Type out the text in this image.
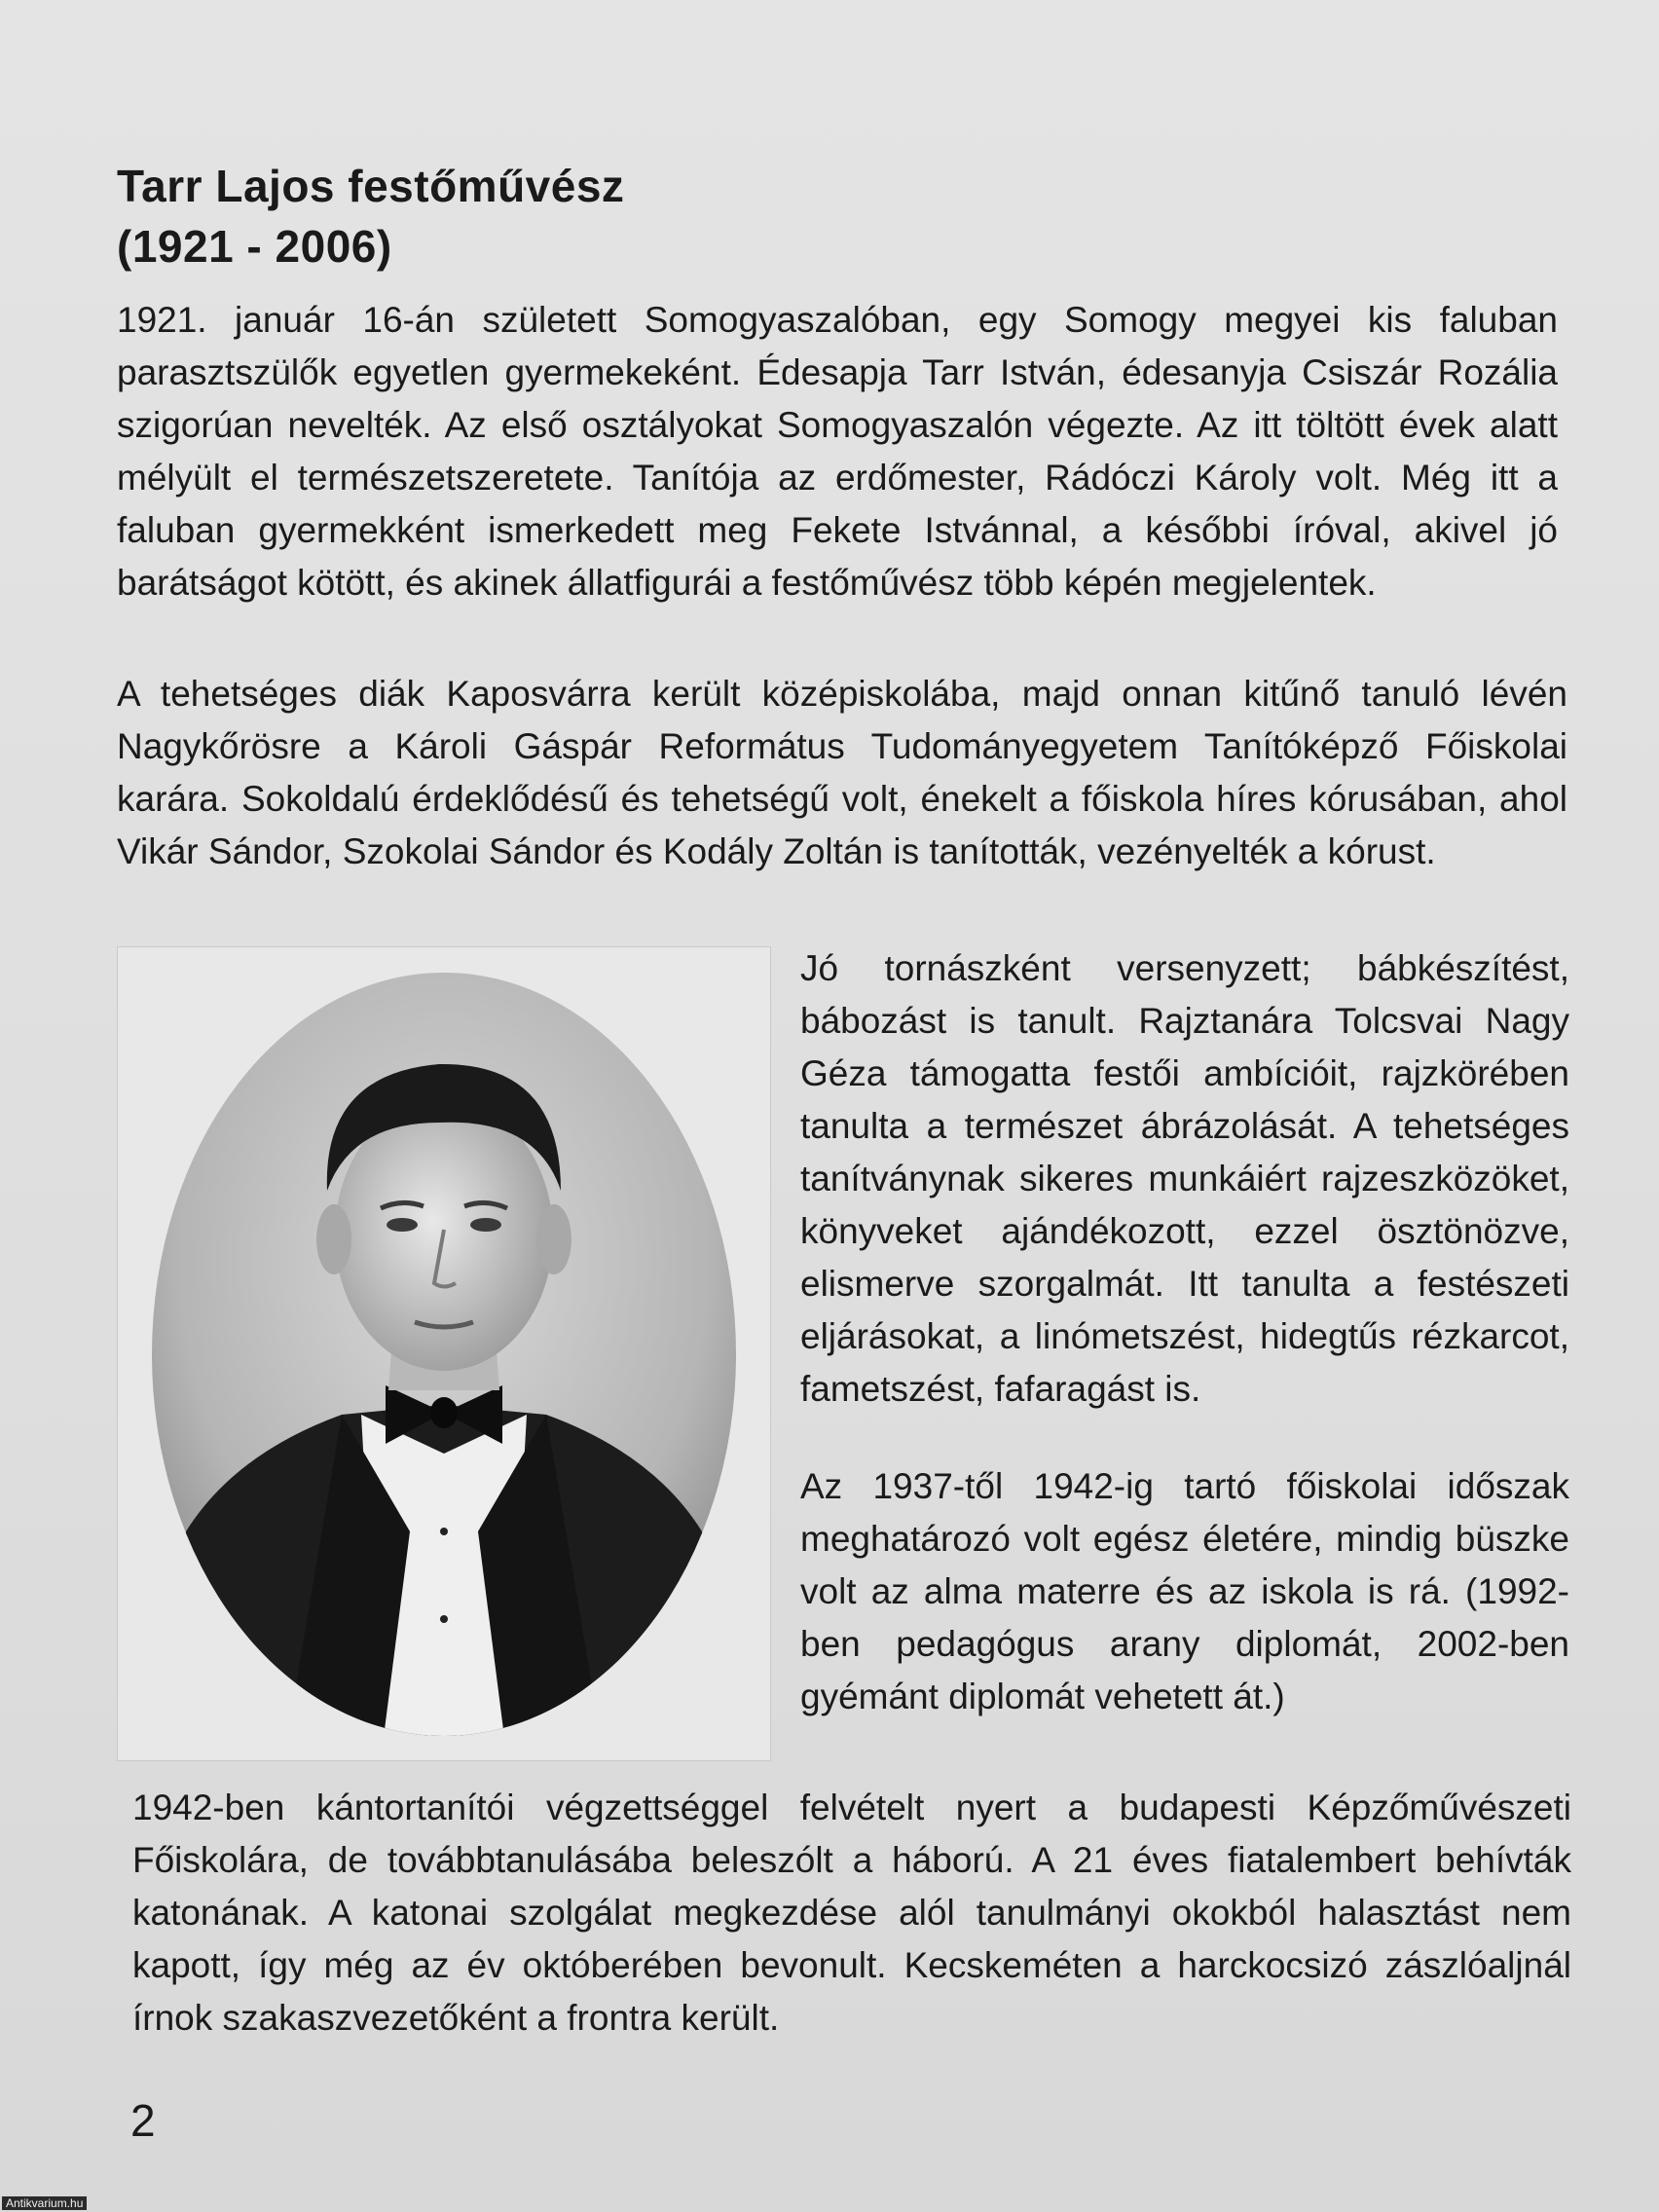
Tarr Lajos festőművész
(1921 - 2006)

1921. január 16-án született Somogyaszalóban, egy Somogy megyei kis faluban parasztszülők egyetlen gyermekeként. Édesapja Tarr István, édesanyja Csiszár Rozália szigorúan nevelték. Az első osztályokat Somogyaszalón végezte. Az itt töltött évek alatt mélyült el természetszeretete. Tanítója az erdőmester, Rádóczi Károly volt. Még itt a faluban gyermekként ismerkedett meg Fekete Istvánnal, a későbbi íróval, akivel jó barátságot kötött, és akinek állatfigurái a festőművész több képén megjelentek.

A tehetséges diák Kaposvárra került középiskolába, majd onnan kitűnő tanuló lévén Nagykőrösre a Károli Gáspár Református Tudományegyetem Tanítóképző Főiskolai karára. Sokoldalú érdeklődésű és tehetségű volt, énekelt a főiskola híres kórusában, ahol Vikár Sándor, Szokolai Sándor és Kodály Zoltán is tanították, vezényelték a kórust.

Jó tornászként versenyzett; bábkészítést, bábozást is tanult. Rajztanára Tolcsvai Nagy Géza támogatta festői ambícióit, rajzkörében tanulta a természet ábrázolását. A tehetséges tanítványnak sikeres munkáiért rajzeszközöket, könyveket ajándékozott, ezzel ösztönözve, elismerve szorgalmát. Itt tanulta a festészeti eljárásokat, a linómetszést, hidegtűs rézkarcot, fametszést, fafaragást is.

Az 1937-től 1942-ig tartó főiskolai időszak meghatározó volt egész életére, mindig büszke volt az alma materre és az iskola is rá. (1992-ben pedagógus arany diplomát, 2002-ben gyémánt diplomát vehetett át.)

1942-ben kántortanítói végzettséggel felvételt nyert a budapesti Képzőművészeti Főiskolára, de továbbtanulásába beleszólt a háború. A 21 éves fiatalembert behívták katonának. A katonai szolgálat megkezdése alól tanulmányi okokból halasztást nem kapott, így még az év októberében bevonult. Kecskeméten a harckocsizó zászlóaljnál írnok szakaszvezetőként a frontra került.

2

Antikvarium.hu
